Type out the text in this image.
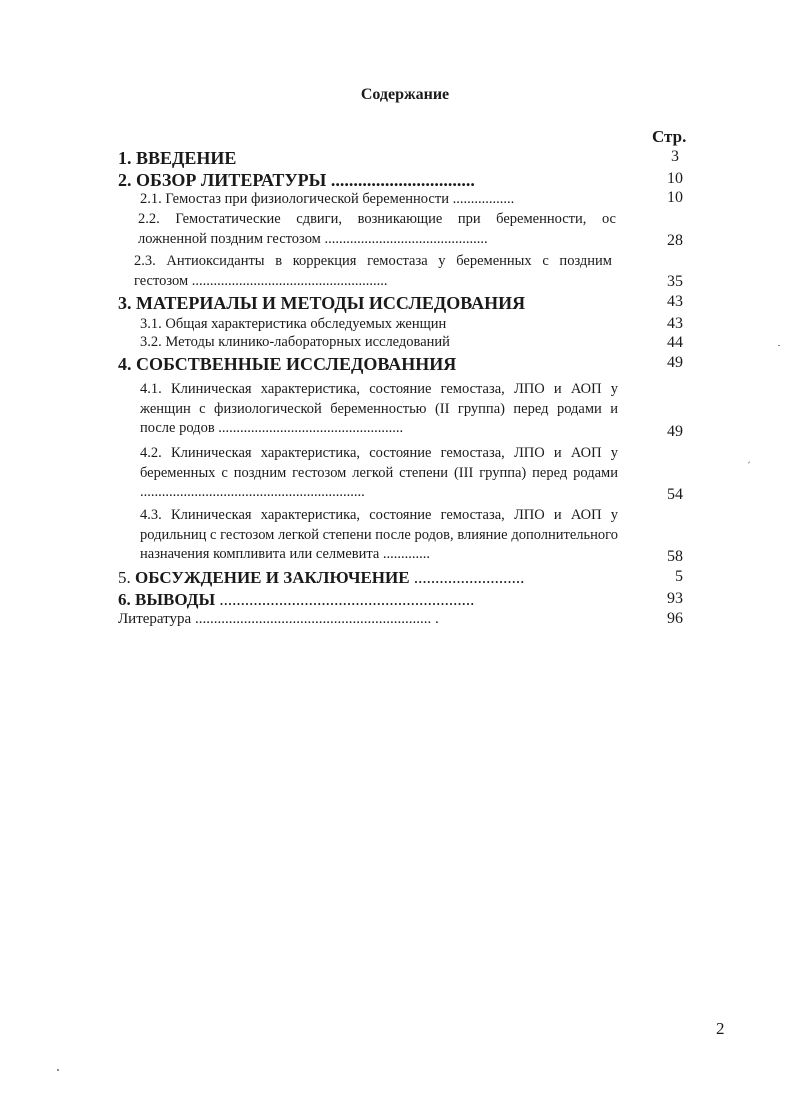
Содержание
Стр.
1. ВВЕДЕНИЕ	3
2. ОБЗОР ЛИТЕРАТУРЫ ................................	10
2.1. Гемостаз при физиологической беременности .................	10
2.2. Гемостатические сдвиги, возникающие при беременности, ос ложненной поздним гестозом .............................................	28
2.3. Антиоксиданты в коррекция гемостаза у беременных с поздним гестозом ......................................................	35
3. МАТЕРИАЛЫ И МЕТОДЫ ИССЛЕДОВАНИЯ	43
3.1. Общая характеристика обследуемых женщин	43
3.2. Методы клинико-лабораторных исследований	44
4. СОБСТВЕННЫЕ ИССЛЕДОВАННИЯ	49
4.1. Клиническая характеристика, состояние гемостаза, ЛПО и АОП у женщин с физиологической беременностью (II группа) перед родами и после родов ...................................................	49
4.2. Клиническая характеристика, состояние гемостаза, ЛПО и АОП у беременных с поздним гестозом легкой степени (III группа) перед родами ..............................................................	54
4.3. Клиническая характеристика, состояние гемостаза, ЛПО и АОП у родильниц с гестозом легкой степени после родов, влияние дополнительного назначения компливита или селмевита .............	58
5. ОБСУЖДЕНИЕ И ЗАКЛЮЧЕНИЕ ..........................	5
6. ВЫВОДЫ ............................................................	93
Литература ............................................................... .	96
2
